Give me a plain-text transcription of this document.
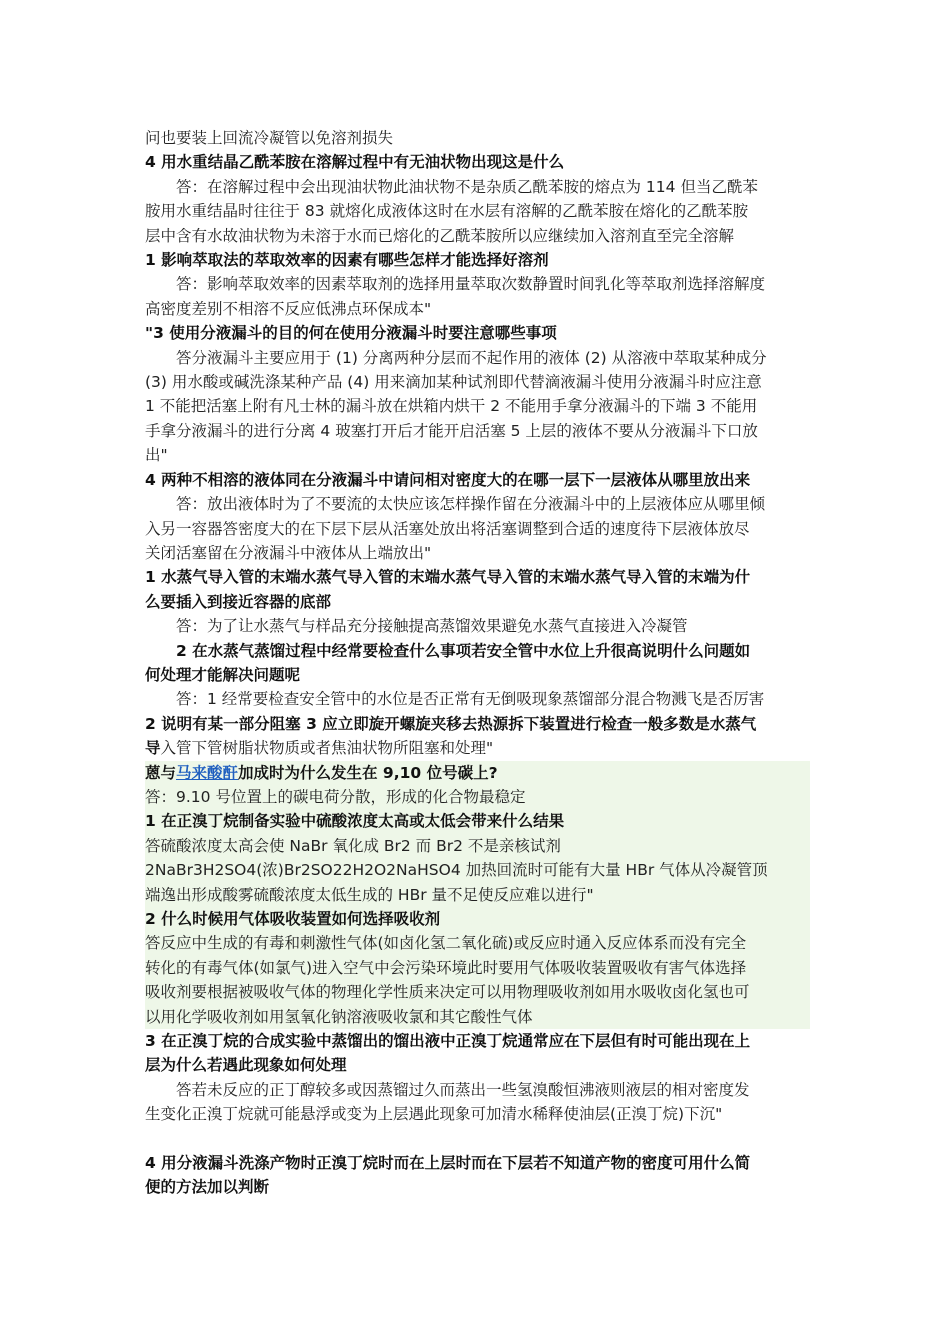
问也要装上回流冷凝管以免溶剂损失
4 用水重结晶乙酰苯胺在溶解过程中有无油状物出现这是什么
答：在溶解过程中会出现油状物此油状物不是杂质乙酰苯胺的熔点为 114 但当乙酰苯
胺用水重结晶时往往于 83 就熔化成液体这时在水层有溶解的乙酰苯胺在熔化的乙酰苯胺
层中含有水故油状物为未溶于水而已熔化的乙酰苯胺所以应继续加入溶剂直至完全溶解
1 影响萃取法的萃取效率的因素有哪些怎样才能选择好溶剂
答：影响萃取效率的因素萃取剂的选择用量萃取次数静置时间乳化等萃取剂选择溶解度
高密度差别不相溶不反应低沸点环保成本"
"3 使用分液漏斗的目的何在使用分液漏斗时要注意哪些事项
答分液漏斗主要应用于 (1) 分离两种分层而不起作用的液体 (2) 从溶液中萃取某种成分
(3) 用水酸或碱洗涤某种产品 (4) 用来滴加某种试剂即代替滴液漏斗使用分液漏斗时应注意
1 不能把活塞上附有凡士林的漏斗放在烘箱内烘干 2 不能用手拿分液漏斗的下端 3 不能用
手拿分液漏斗的进行分离 4 玻塞打开后才能开启活塞 5 上层的液体不要从分液漏斗下口放
出"
4 两种不相溶的液体同在分液漏斗中请问相对密度大的在哪一层下一层液体从哪里放出来
答：放出液体时为了不要流的太快应该怎样操作留在分液漏斗中的上层液体应从哪里倾
入另一容器答密度大的在下层下层从活塞处放出将活塞调整到合适的速度待下层液体放尽
关闭活塞留在分液漏斗中液体从上端放出"
1 水蒸气导入管的末端水蒸气导入管的末端水蒸气导入管的末端水蒸气导入管的末端为什
么要插入到接近容器的底部
答：为了让水蒸气与样品充分接触提高蒸馏效果避免水蒸气直接进入冷凝管
2 在水蒸气蒸馏过程中经常要检查什么事项若安全管中水位上升很高说明什么问题如
何处理才能解决问题呢
答：1 经常要检查安全管中的水位是否正常有无倒吸现象蒸馏部分混合物溅飞是否厉害
2 说明有某一部分阻塞 3 应立即旋开螺旋夹移去热源拆下装置进行检查一般多数是水蒸气
导入管下管树脂状物质或者焦油状物所阻塞和处理"
蒽与马来酸酐加成时为什么发生在 9,10 位号碳上?
答：9.10 号位置上的碳电荷分散，形成的化合物最稳定
1 在正溴丁烷制备实验中硫酸浓度太高或太低会带来什么结果
答硫酸浓度太高会使 NaBr 氧化成 Br2 而 Br2 不是亲核试剂
2NaBr3H2SO4(浓)Br2SO22H2O2NaHSO4 加热回流时可能有大量 HBr 气体从冷凝管顶
端逸出形成酸雾硫酸浓度太低生成的 HBr 量不足使反应难以进行"
2 什么时候用气体吸收装置如何选择吸收剂
答反应中生成的有毒和刺激性气体(如卤化氢二氧化硫)或反应时通入反应体系而没有完全
转化的有毒气体(如氯气)进入空气中会污染环境此时要用气体吸收装置吸收有害气体选择
吸收剂要根据被吸收气体的物理化学性质来决定可以用物理吸收剂如用水吸收卤化氢也可
以用化学吸收剂如用氢氧化钠溶液吸收氯和其它酸性气体
3 在正溴丁烷的合成实验中蒸馏出的馏出液中正溴丁烷通常应在下层但有时可能出现在上
层为什么若遇此现象如何处理
答若未反应的正丁醇较多或因蒸镏过久而蒸出一些氢溴酸恒沸液则液层的相对密度发
生变化正溴丁烷就可能悬浮或变为上层遇此现象可加清水稀释使油层(正溴丁烷)下沉"
4 用分液漏斗洗涤产物时正溴丁烷时而在上层时而在下层若不知道产物的密度可用什么简
便的方法加以判断
